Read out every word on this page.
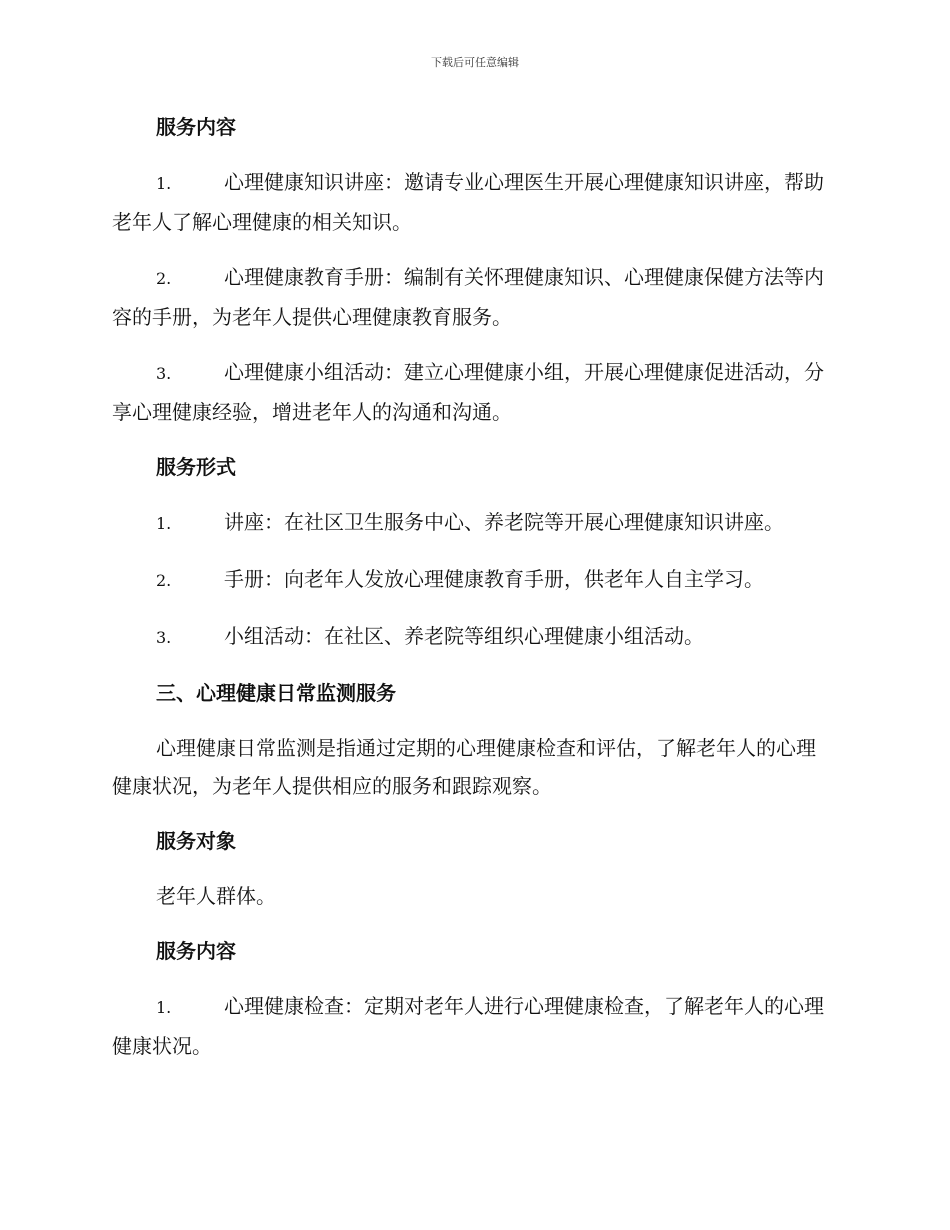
下载后可任意编辑
服务内容
1.	心理健康知识讲座：邀请专业心理医生开展心理健康知识讲座，帮助老年人了解心理健康的相关知识。
2.	心理健康教育手册：编制有关怀理健康知识、心理健康保健方法等内容的手册，为老年人提供心理健康教育服务。
3.	心理健康小组活动：建立心理健康小组，开展心理健康促进活动，分享心理健康经验，增进老年人的沟通和沟通。
服务形式
1.	讲座：在社区卫生服务中心、养老院等开展心理健康知识讲座。
2.	手册：向老年人发放心理健康教育手册，供老年人自主学习。
3.	小组活动：在社区、养老院等组织心理健康小组活动。
三、心理健康日常监测服务
心理健康日常监测是指通过定期的心理健康检查和评估，了解老年人的心理健康状况，为老年人提供相应的服务和跟踪观察。
服务对象
老年人群体。
服务内容
1.	心理健康检查：定期对老年人进行心理健康检查，了解老年人的心理健康状况。
